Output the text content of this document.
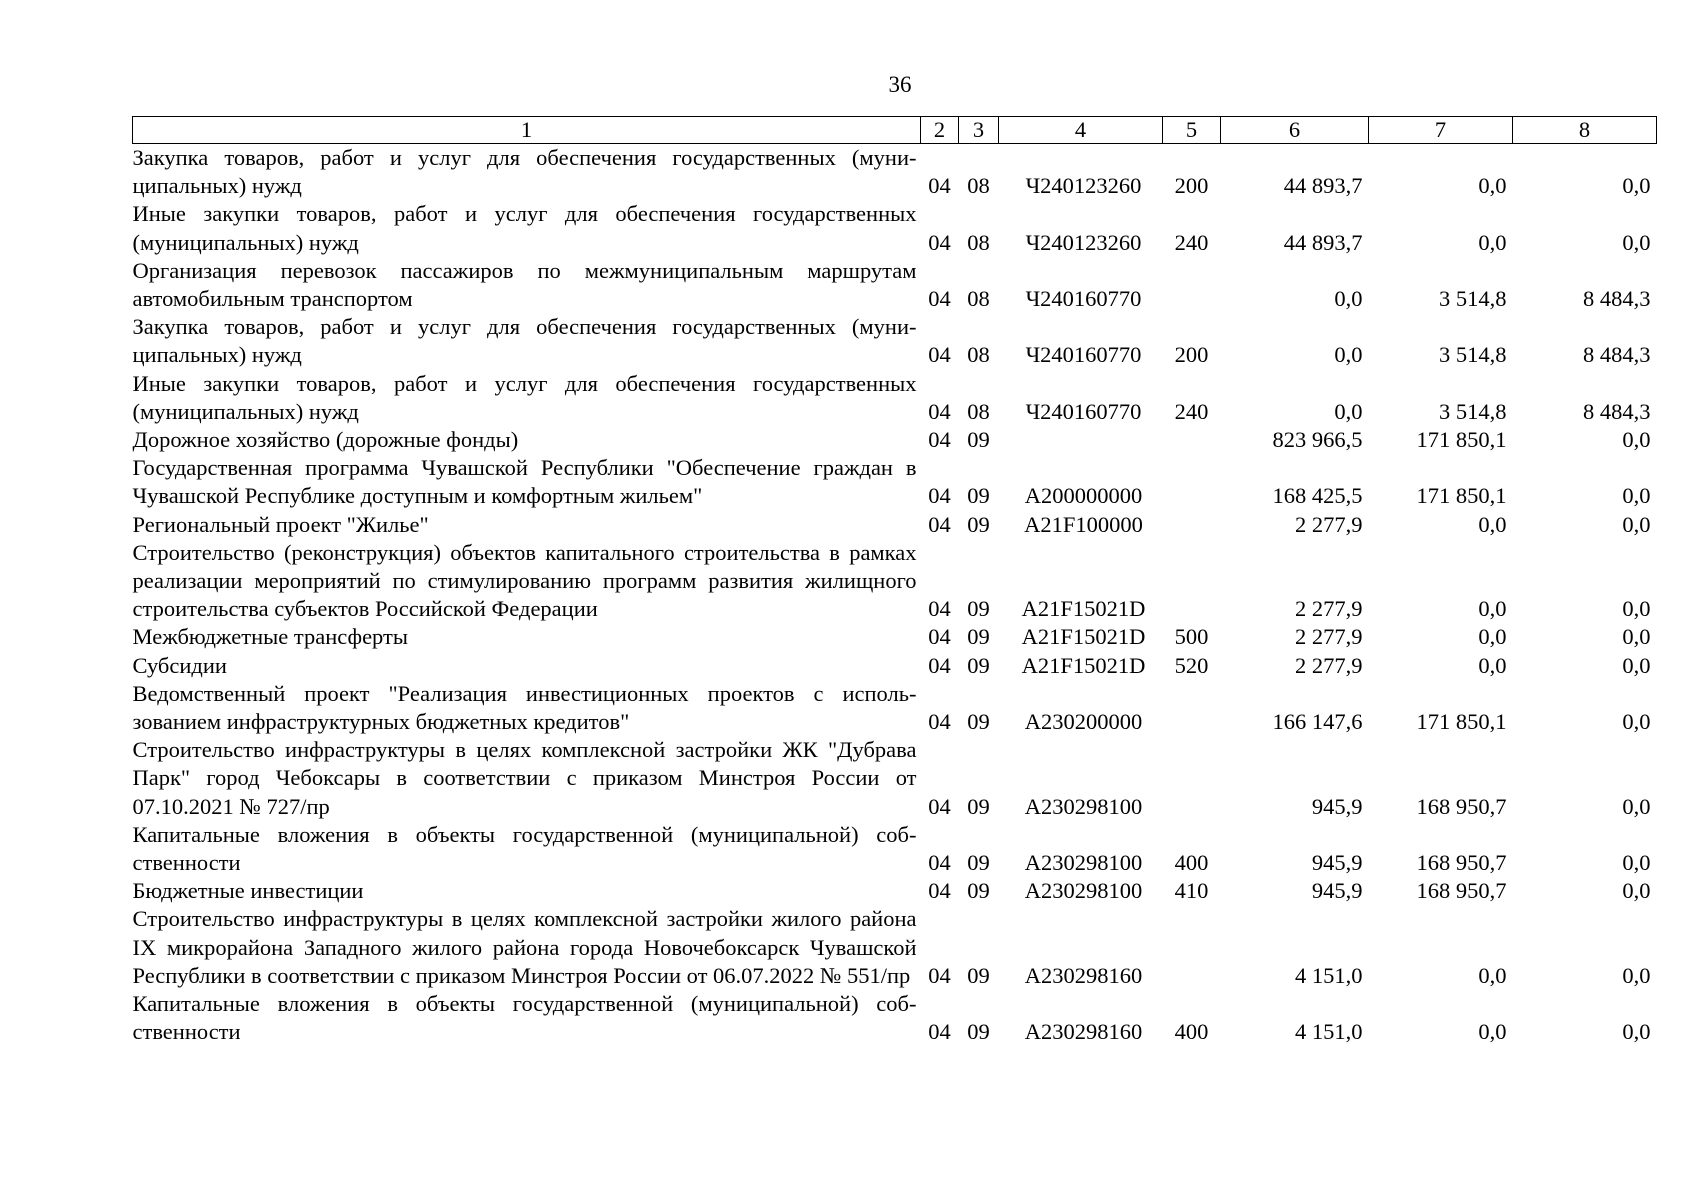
36
1	2	3	4	5	6	7	8
Закупка товаров, работ и услуг для обеспечения государственных (муниципальных) нужд	04	08	Ч240123260	200	44 893,7	0,0	0,0
Иные закупки товаров, работ и услуг для обеспечения государственных (муниципальных) нужд	04	08	Ч240123260	240	44 893,7	0,0	0,0
Организация перевозок пассажиров по межмуниципальным маршрутам автомобильным транспортом	04	08	Ч240160770		0,0	3 514,8	8 484,3
Закупка товаров, работ и услуг для обеспечения государственных (муниципальных) нужд	04	08	Ч240160770	200	0,0	3 514,8	8 484,3
Иные закупки товаров, работ и услуг для обеспечения государственных (муниципальных) нужд	04	08	Ч240160770	240	0,0	3 514,8	8 484,3
Дорожное хозяйство (дорожные фонды)	04	09			823 966,5	171 850,1	0,0
Государственная программа Чувашской Республики "Обеспечение граждан в Чувашской Республике доступным и комфортным жильем"	04	09	А200000000		168 425,5	171 850,1	0,0
Региональный проект "Жилье"	04	09	А21F100000		2 277,9	0,0	0,0
Строительство (реконструкция) объектов капитального строительства в рамках реализации мероприятий по стимулированию программ развития жилищного строительства субъектов Российской Федерации	04	09	А21F15021D		2 277,9	0,0	0,0
Межбюджетные трансферты	04	09	А21F15021D	500	2 277,9	0,0	0,0
Субсидии	04	09	А21F15021D	520	2 277,9	0,0	0,0
Ведомственный проект "Реализация инвестиционных проектов с использованием инфраструктурных бюджетных кредитов"	04	09	А230200000		166 147,6	171 850,1	0,0
Строительство инфраструктуры в целях комплексной застройки ЖК "Дубрава Парк" город Чебоксары в соответствии с приказом Минстроя России от 07.10.2021 № 727/пр	04	09	А230298100		945,9	168 950,7	0,0
Капитальные вложения в объекты государственной (муниципальной) собственности	04	09	А230298100	400	945,9	168 950,7	0,0
Бюджетные инвестиции	04	09	А230298100	410	945,9	168 950,7	0,0
Строительство инфраструктуры в целях комплексной застройки жилого района IX микрорайона Западного жилого района города Новочебоксарск Чувашской Республики в соответствии с приказом Минстроя России от 06.07.2022 № 551/пр	04	09	А230298160		4 151,0	0,0	0,0
Капитальные вложения в объекты государственной (муниципальной) собственности	04	09	А230298160	400	4 151,0	0,0	0,0
